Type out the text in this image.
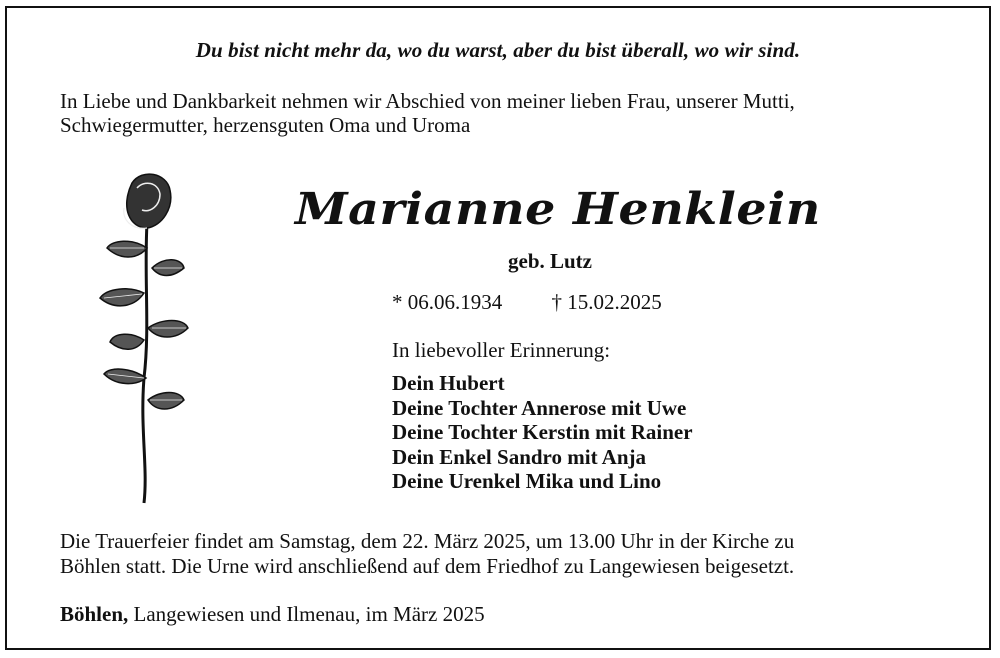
Du bist nicht mehr da, wo du warst, aber du bist überall, wo wir sind.
In Liebe und Dankbarkeit nehmen wir Abschied von meiner lieben Frau, unserer Mutti,
Schwiegermutter, herzensguten Oma und Uroma
Marianne Henklein
geb. Lutz
* 06.06.1934 † 15.02.2025
In liebevoller Erinnerung:
Dein Hubert
Deine Tochter Annerose mit Uwe
Deine Tochter Kerstin mit Rainer
Dein Enkel Sandro mit Anja
Deine Urenkel Mika und Lino
Die Trauerfeier findet am Samstag, dem 22. März 2025, um 13.00 Uhr in der Kirche zu
Böhlen statt. Die Urne wird anschließend auf dem Friedhof zu Langewiesen beigesetzt.
Böhlen, Langewiesen und Ilmenau, im März 2025
